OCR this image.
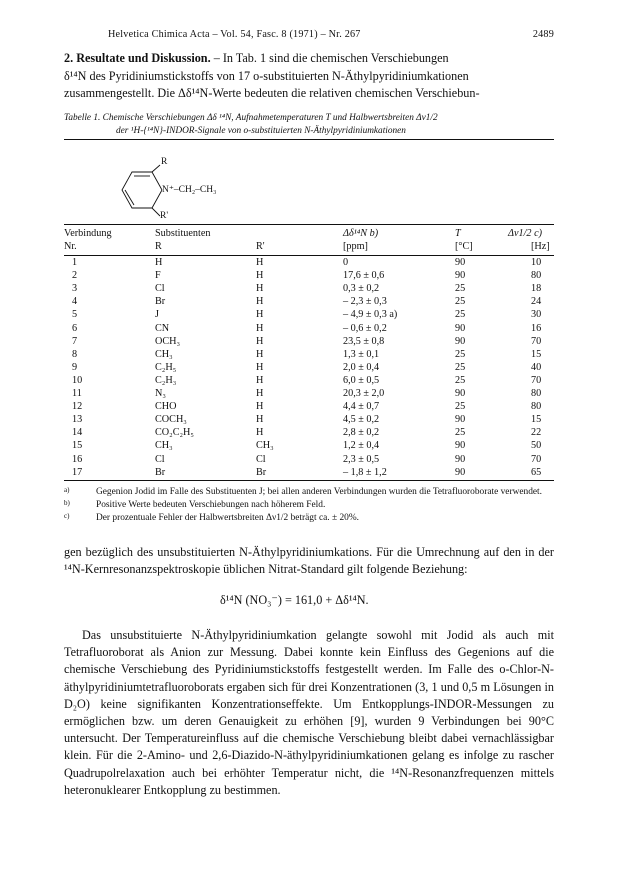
Helvetica Chimica Acta – Vol. 54, Fasc. 8 (1971) – Nr. 267	2489
2. Resultate und Diskussion. – In Tab. 1 sind die chemischen Verschiebungen
δ¹⁴N des Pyridiniumstickstoffs von 17 o-substituierten N-Äthylpyridiniumkationen
zusammengestellt. Die Δδ¹⁴N-Werte bedeuten die relativen chemischen Verschiebun-
Tabelle 1. Chemische Verschiebungen Δδ ¹⁴N, Aufnahmetemperaturen T und Halbwertsbreiten Δν1/2
der ¹H-{¹⁴N}-INDOR-Signale von o-substituierten N-Äthylpyridiniumkationen
R
N⁺–CH₂–CH₃
R'
Verbindung
Nr.
Substituenten
R	R'
Δδ¹⁴N b)
[ppm]
T
[°C]
Δν1/2 c)
[Hz]
1	H	H	0	90	10
2	F	H	17,6 ± 0,6	90	80
3	Cl	H	0,3 ± 0,2	25	18
4	Br	H	– 2,3 ± 0,3	25	24
5	J	H	– 4,9 ± 0,3 a)	25	30
6	CN	H	– 0,6 ± 0,2	90	16
7	OCH₃	H	23,5 ± 0,8	90	70
8	CH₃	H	1,3 ± 0,1	25	15
9	C₂H₅	H	2,0 ± 0,4	25	40
10	C₂H₃	H	6,0 ± 0,5	25	70
11	N₃	H	20,3 ± 2,0	90	80
12	CHO	H	4,4 ± 0,7	25	80
13	COCH₃	H	4,5 ± 0,2	90	15
14	CO₂C₂H₅	H	2,8 ± 0,2	25	22
15	CH₃	CH₃	1,2 ± 0,4	90	50
16	Cl	Cl	2,3 ± 0,5	90	70
17	Br	Br	– 1,8 ± 1,2	90	65
a)	Gegenion Jodid im Falle des Substituenten J; bei allen anderen Verbindungen wurden die Tetrafluoroborate verwendet.
b)	Positive Werte bedeuten Verschiebungen nach höherem Feld.
c)	Der prozentuale Fehler der Halbwertsbreiten Δν1/2 beträgt ca. ± 20%.

gen bezüglich des unsubstituierten N-Äthylpyridiniumkations. Für die Umrechnung auf den in der ¹⁴N-Kernresonanzspektroskopie üblichen Nitrat-Standard gilt folgende Beziehung:

δ¹⁴N (NO₃⁻) = 161,0 + Δδ¹⁴N.
Das unsubstituierte N-Äthylpyridiniumkation gelangte sowohl mit Jodid als auch mit Tetrafluoroborat als Anion zur Messung. Dabei konnte kein Einfluss des Gegenions auf die chemische Verschiebung des Pyridiniumstickstoffs festgestellt werden. Im Falle des o-Chlor-N-äthylpyridiniumtetrafluoroborats ergaben sich für drei Konzentrationen (3, 1 und 0,5 m Lösungen in D₂O) keine signifikanten Konzentrationseffekte. Um Entkopplungs-INDOR-Messungen zu ermöglichen bzw. um deren Genauigkeit zu erhöhen [9], wurden 9 Verbindungen bei 90°C untersucht. Der Temperatureinfluss auf die chemische Verschiebung bleibt dabei vernachlässigbar klein. Für die 2-Amino- und 2,6-Diazido-N-äthylpyridiniumkationen gelang es infolge zu rascher Quadrupolrelaxation auch bei erhöhter Temperatur nicht, die ¹⁴N-Resonanzfrequenzen mittels heteronuklearer Entkopplung zu bestimmen.
